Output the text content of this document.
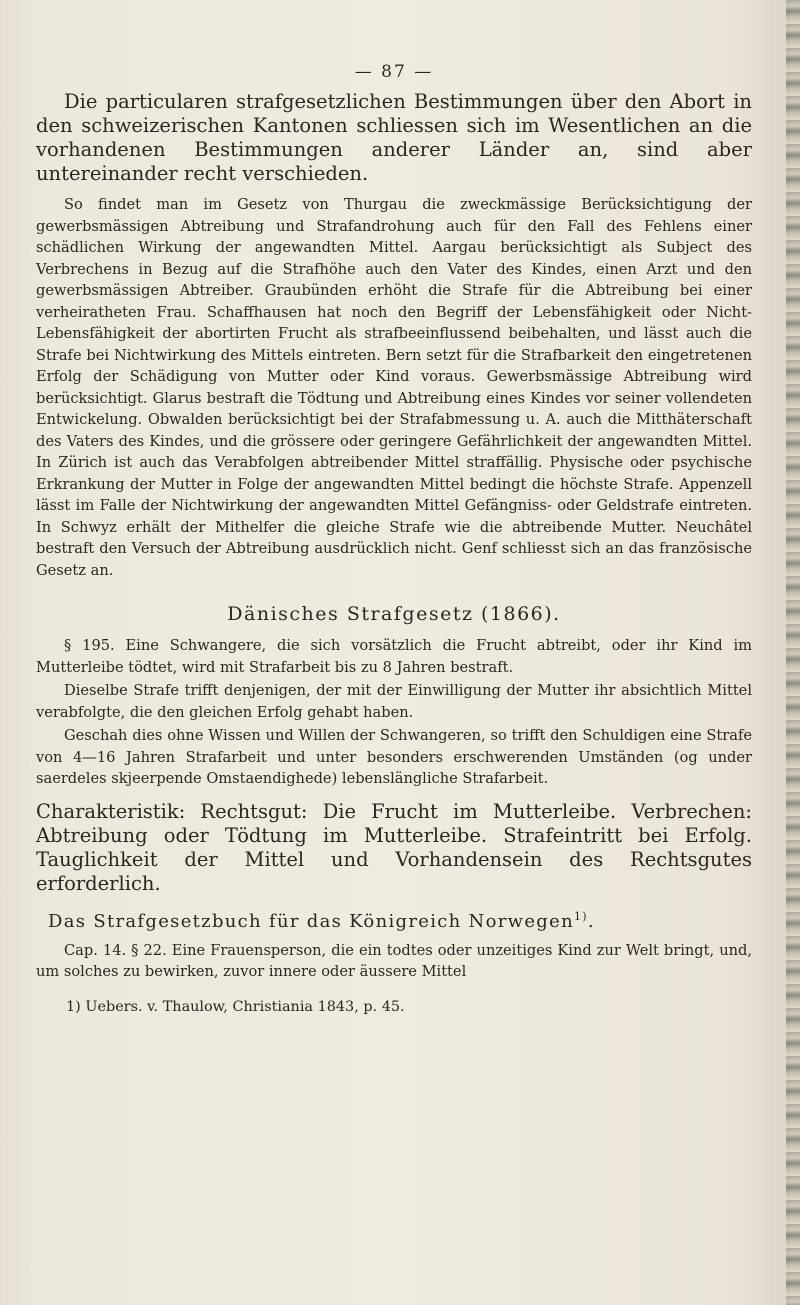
— 87 —

Die particularen strafgesetzlichen Bestimmungen über den Abort in den schweizerischen Kantonen schliessen sich im Wesentlichen an die vorhandenen Bestimmungen anderer Länder an, sind aber untereinander recht verschieden.

So findet man im Gesetz von Thurgau die zweckmässige Berücksichtigung der gewerbsmässigen Abtreibung und Strafandrohung auch für den Fall des Fehlens einer schädlichen Wirkung der angewandten Mittel. Aargau berücksichtigt als Subject des Verbrechens in Bezug auf die Strafhöhe auch den Vater des Kindes, einen Arzt und den gewerbsmässigen Abtreiber. Graubünden erhöht die Strafe für die Abtreibung bei einer verheiratheten Frau. Schaffhausen hat noch den Begriff der Lebensfähigkeit oder Nicht-Lebensfähigkeit der abortirten Frucht als strafbeeinflussend beibehalten, und lässt auch die Strafe bei Nichtwirkung des Mittels eintreten. Bern setzt für die Strafbarkeit den eingetretenen Erfolg der Schädigung von Mutter oder Kind voraus. Gewerbsmässige Abtreibung wird berücksichtigt. Glarus bestraft die Tödtung und Abtreibung eines Kindes vor seiner vollendeten Entwickelung. Obwalden berücksichtigt bei der Strafabmessung u. A. auch die Mitthäterschaft des Vaters des Kindes, und die grössere oder geringere Gefährlichkeit der angewandten Mittel. In Zürich ist auch das Verabfolgen abtreibender Mittel straffällig. Physische oder psychische Erkrankung der Mutter in Folge der angewandten Mittel bedingt die höchste Strafe. Appenzell lässt im Falle der Nichtwirkung der angewandten Mittel Gefängniss- oder Geldstrafe eintreten. In Schwyz erhält der Mithelfer die gleiche Strafe wie die abtreibende Mutter. Neuchâtel bestraft den Versuch der Abtreibung ausdrücklich nicht. Genf schliesst sich an das französische Gesetz an.

Dänisches Strafgesetz (1866).

§ 195. Eine Schwangere, die sich vorsätzlich die Frucht abtreibt, oder ihr Kind im Mutterleibe tödtet, wird mit Strafarbeit bis zu 8 Jahren bestraft.

Dieselbe Strafe trifft denjenigen, der mit der Einwilligung der Mutter ihr absichtlich Mittel verabfolgte, die den gleichen Erfolg gehabt haben.

Geschah dies ohne Wissen und Willen der Schwangeren, so trifft den Schuldigen eine Strafe von 4—16 Jahren Strafarbeit und unter besonders erschwerenden Umständen (og under saerdeles skjeerpende Omstaendighede) lebenslängliche Strafarbeit.

Charakteristik: Rechtsgut: Die Frucht im Mutterleibe. Verbrechen: Abtreibung oder Tödtung im Mutterleibe. Strafeintritt bei Erfolg. Tauglichkeit der Mittel und Vorhandensein des Rechtsgutes erforderlich.

Das Strafgesetzbuch für das Königreich Norwegen$^{1)}$.

Cap. 14. § 22. Eine Frauensperson, die ein todtes oder unzeitiges Kind zur Welt bringt, und, um solches zu bewirken, zuvor innere oder äussere Mittel

1) Uebers. v. Thaulow, Christiania 1843, p. 45.
